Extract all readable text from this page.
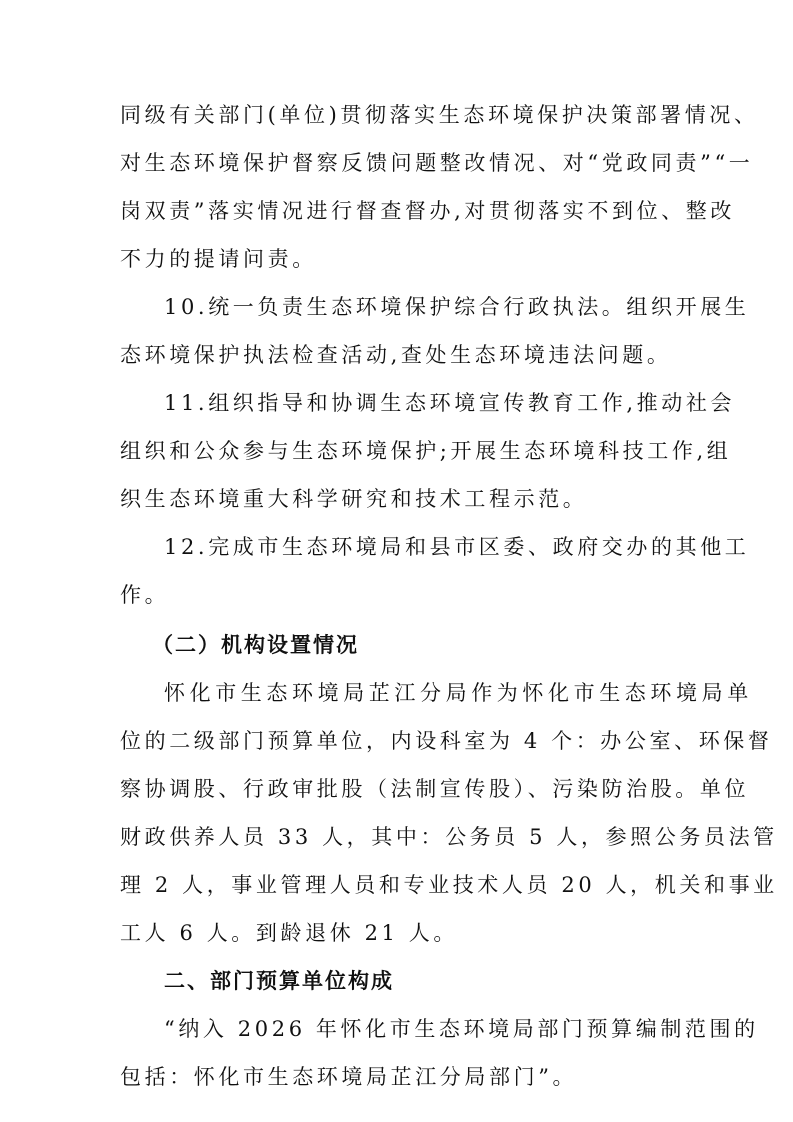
同级有关部门(单位)贯彻落实生态环境保护决策部署情况、
对生态环境保护督察反馈问题整改情况、对“党政同责”“一
岗双责”落实情况进行督查督办,对贯彻落实不到位、整改
不力的提请问责。
10.统一负责生态环境保护综合行政执法。组织开展生
态环境保护执法检查活动,查处生态环境违法问题。
11.组织指导和协调生态环境宣传教育工作,推动社会
组织和公众参与生态环境保护;开展生态环境科技工作,组
织生态环境重大科学研究和技术工程示范。
12.完成市生态环境局和县市区委、政府交办的其他工
作。
（二）机构设置情况
怀化市生态环境局芷江分局作为怀化市生态环境局单
位的二级部门预算单位，内设科室为 4 个：办公室、环保督
察协调股、行政审批股（法制宣传股）、污染防治股。单位
财政供养人员 33 人，其中：公务员 5 人，参照公务员法管
理 2 人，事业管理人员和专业技术人员 20 人，机关和事业
工人 6 人。到龄退休 21 人。
二、部门预算单位构成
“纳入 2026 年怀化市生态环境局部门预算编制范围的
包括：怀化市生态环境局芷江分局部门”。
